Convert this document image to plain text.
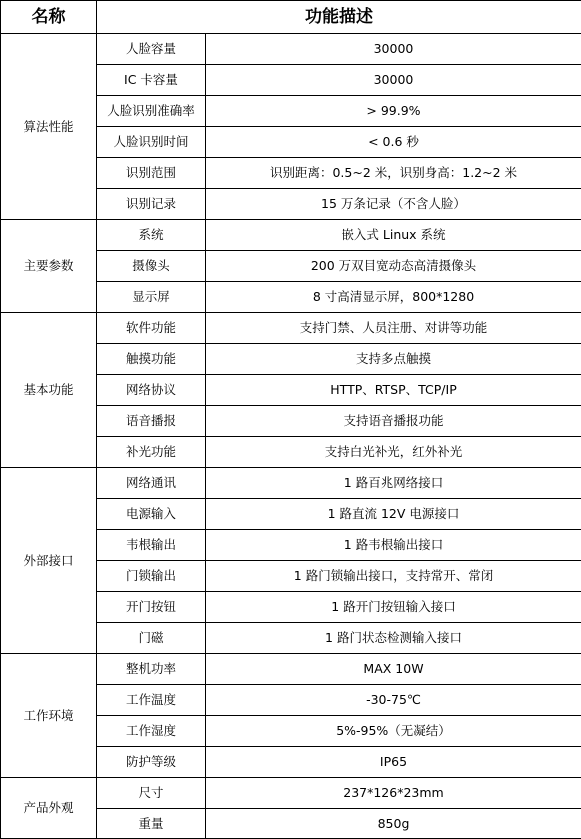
名称	功能描述	
算法性能	人脸容量	30000
	IC 卡容量	30000
	人脸识别准确率	> 99.9%
	人脸识别时间	< 0.6 秒
	识别范围	识别距离：0.5~2 米，识别身高：1.2~2 米
	识别记录	15 万条记录（不含人脸）
主要参数	系统	嵌入式 Linux 系统
	摄像头	200 万双目宽动态高清摄像头
	显示屏	8 寸高清显示屏，800*1280
基本功能	软件功能	支持门禁、人员注册、对讲等功能
	触摸功能	支持多点触摸
	网络协议	HTTP、RTSP、TCP/IP
	语音播报	支持语音播报功能
	补光功能	支持白光补光，红外补光
外部接口	网络通讯	1 路百兆网络接口
	电源输入	1 路直流 12V 电源接口
	韦根输出	1 路韦根输出接口
	门锁输出	1 路门锁输出接口，支持常开、常闭
	开门按钮	1 路开门按钮输入接口
	门磁	1 路门状态检测输入接口
工作环境	整机功率	MAX 10W
	工作温度	-30-75℃
	工作湿度	5%-95%（无凝结）
	防护等级	IP65
产品外观	尺寸	237*126*23mm
	重量	850g
